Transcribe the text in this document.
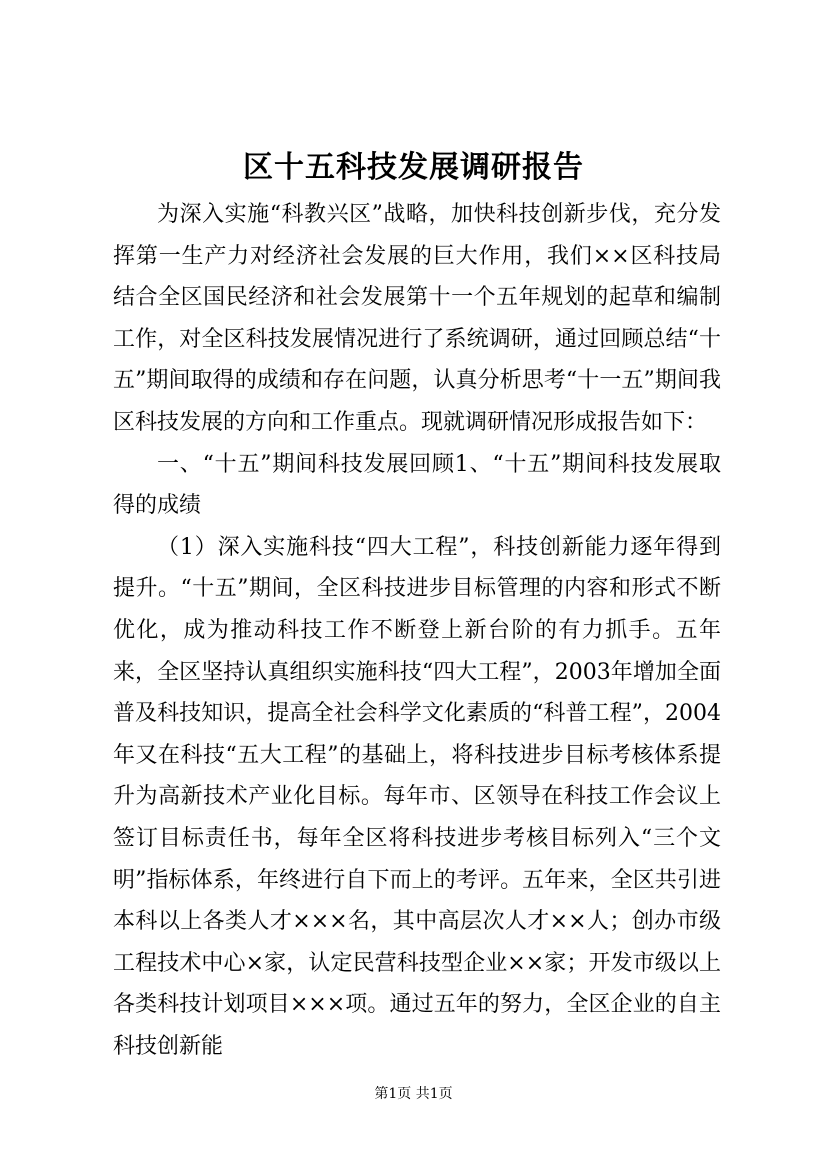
区十五科技发展调研报告

为深入实施“科教兴区”战略，加快科技创新步伐，充分发挥第一生产力对经济社会发展的巨大作用，我们××区科技局结合全区国民经济和社会发展第十一个五年规划的起草和编制工作，对全区科技发展情况进行了系统调研，通过回顾总结“十五”期间取得的成绩和存在问题，认真分析思考“十一五”期间我区科技发展的方向和工作重点。现就调研情况形成报告如下：

一、“十五”期间科技发展回顾1、“十五”期间科技发展取得的成绩

（1）深入实施科技“四大工程”，科技创新能力逐年得到提升。“十五”期间，全区科技进步目标管理的内容和形式不断优化，成为推动科技工作不断登上新台阶的有力抓手。五年来，全区坚持认真组织实施科技“四大工程”，2003年增加全面普及科技知识，提高全社会科学文化素质的“科普工程”，2004年又在科技“五大工程”的基础上，将科技进步目标考核体系提升为高新技术产业化目标。每年市、区领导在科技工作会议上签订目标责任书，每年全区将科技进步考核目标列入“三个文明”指标体系，年终进行自下而上的考评。五年来，全区共引进本科以上各类人才×××名，其中高层次人才××人；创办市级工程技术中心×家，认定民营科技型企业××家；开发市级以上各类科技计划项目×××项。通过五年的努力，全区企业的自主科技创新能

第1页 共1页
